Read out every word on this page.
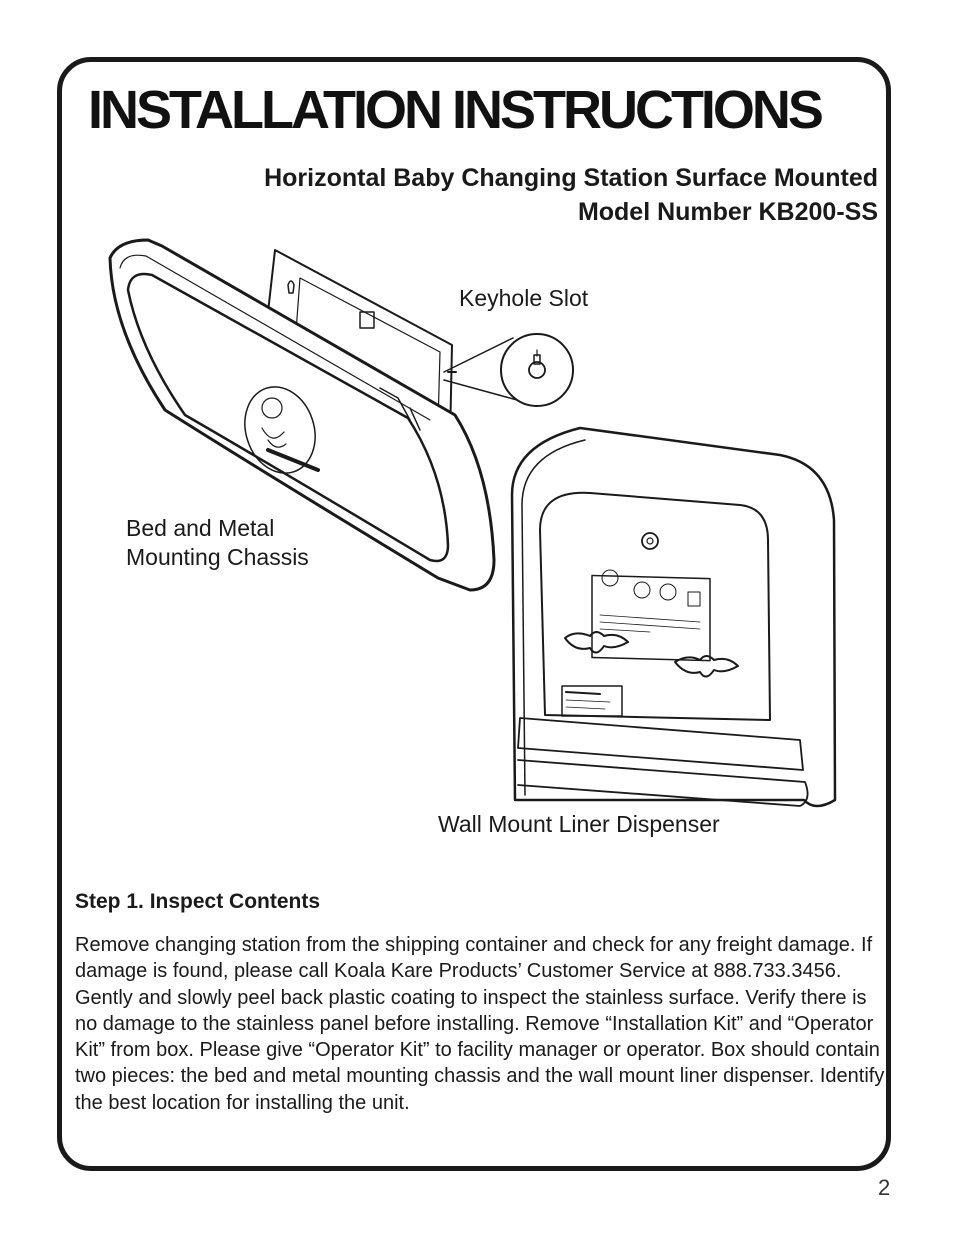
INSTALLATION INSTRUCTIONS
Horizontal Baby Changing Station Surface Mounted
Model Number KB200-SS
Keyhole Slot
Bed and Metal
Mounting Chassis
Wall Mount Liner Dispenser
Step 1. Inspect Contents
Remove changing station from the shipping container and check for any freight damage. If damage is found, please call Koala Kare Products’ Customer Service at 888.733.3456. Gently and slowly peel back plastic coating to inspect the stainless surface. Verify there is no damage to the stainless panel before installing. Remove “Installation Kit” and “Operator Kit” from box. Please give “Operator Kit” to facility manager or operator. Box should contain two pieces: the bed and metal mounting chassis and the wall mount liner dispenser. Identify the best location for installing the unit.
2
